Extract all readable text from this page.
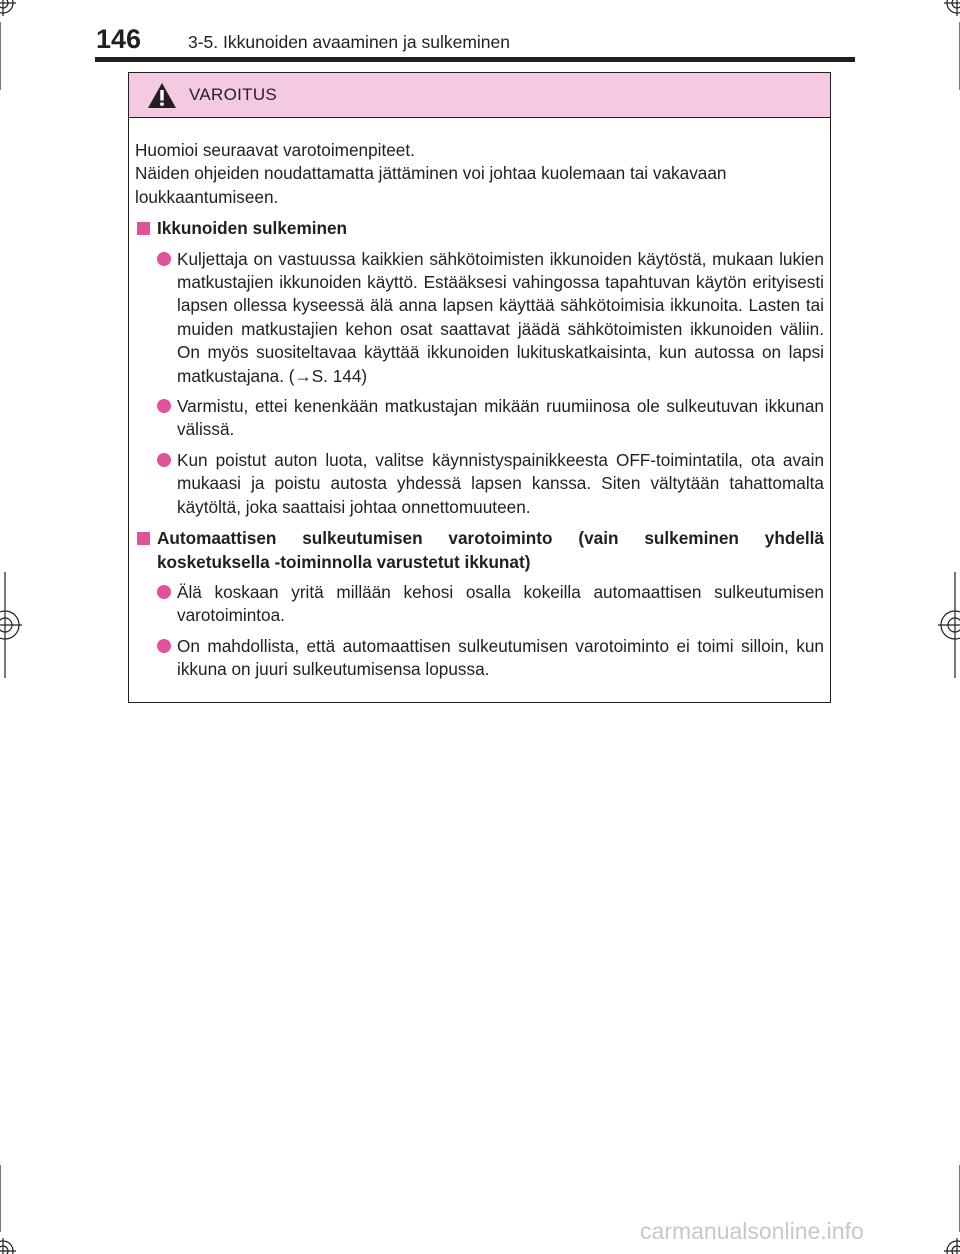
146	3-5. Ikkunoiden avaaminen ja sulkeminen
VAROITUS

Huomioi seuraavat varotoimenpiteet.

Näiden ohjeiden noudattamatta jättäminen voi johtaa kuolemaan tai vakavaan loukkaantumiseen.

Ikkunoiden sulkeminen
Kuljettaja on vastuussa kaikkien sähkötoimisten ikkunoiden käytöstä, mukaan lukien matkustajien ikkunoiden käyttö. Estääksesi vahingossa tapahtuvan käytön erityisesti lapsen ollessa kyseessä älä anna lapsen käyttää sähkötoimisia ikkunoita. Lasten tai muiden matkustajien kehon osat saattavat jäädä sähkötoimisten ikkunoiden väliin. On myös suositeltavaa käyttää ikkunoiden lukituskatkaisinta, kun autossa on lapsi matkustajana. (→S. 144)
Varmistu, ettei kenenkään matkustajan mikään ruumiinosa ole sulkeutuvan ikkunan välissä.
Kun poistut auton luota, valitse käynnistyspainikkeesta OFF-toimintatila, ota avain mukaasi ja poistu autosta yhdessä lapsen kanssa. Siten vältytään tahattomalta käytöltä, joka saattaisi johtaa onnettomuuteen.
Automaattisen sulkeutumisen varotoiminto (vain sulkeminen yhdellä kosketuksella -toiminnolla varustetut ikkunat)
Älä koskaan yritä millään kehosi osalla kokeilla automaattisen sulkeutumisen varotoimintoa.
On mahdollista, että automaattisen sulkeutumisen varotoiminto ei toimi silloin, kun ikkuna on juuri sulkeutumisensa lopussa.
carmanualsonline.info
